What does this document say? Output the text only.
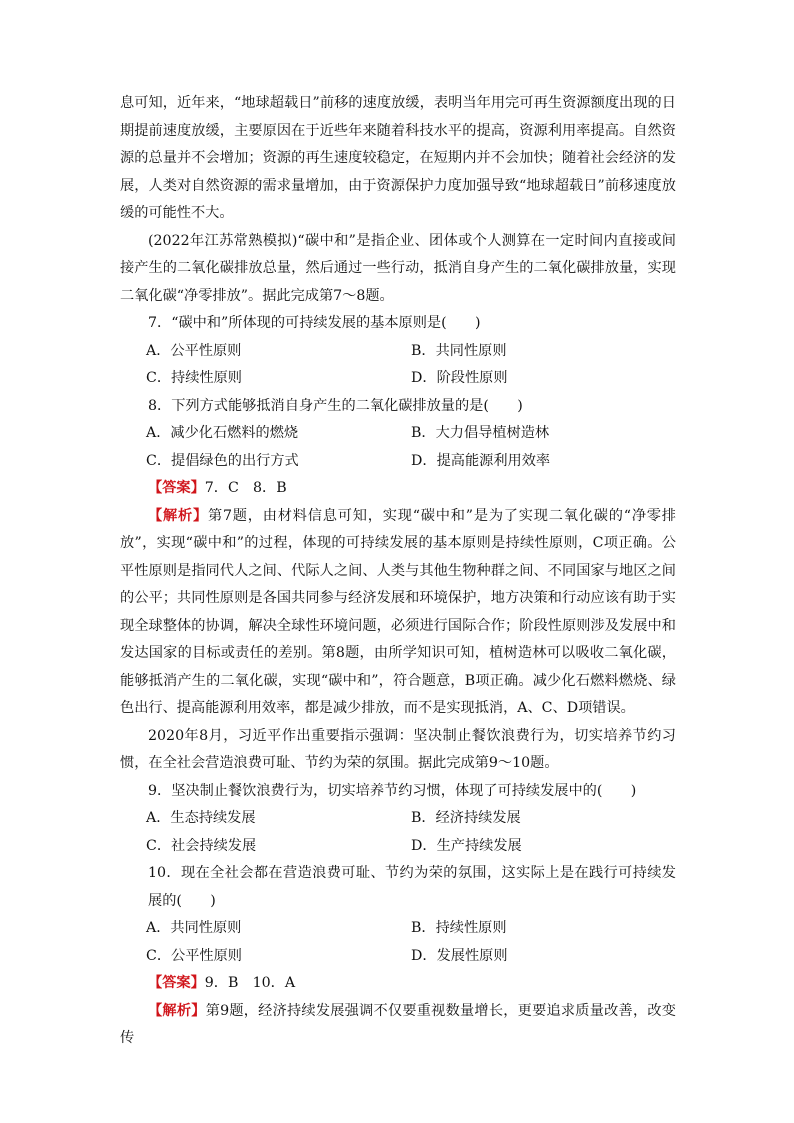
息可知，近年来，“地球超载日”前移的速度放缓，表明当年用完可再生资源额度出现的日期提前速度放缓，主要原因在于近些年来随着科技水平的提高，资源利用率提高。自然资源的总量并不会增加；资源的再生速度较稳定，在短期内并不会加快；随着社会经济的发展，人类对自然资源的需求量增加，由于资源保护力度加强导致“地球超载日”前移速度放缓的可能性不大。

(2022年江苏常熟模拟)“碳中和”是指企业、团体或个人测算在一定时间内直接或间接产生的二氧化碳排放总量，然后通过一些行动，抵消自身产生的二氧化碳排放量，实现二氧化碳“净零排放”。据此完成第7～8题。

7．“碳中和”所体现的可持续发展的基本原则是(　　)

A．公平性原则	B．共同性原则
C．持续性原则	D．阶段性原则

8．下列方式能够抵消自身产生的二氧化碳排放量的是(　　)

A．减少化石燃料的燃烧	B．大力倡导植树造林
C．提倡绿色的出行方式	D．提高能源利用效率

【答案】7．C　8．B

【解析】第7题，由材料信息可知，实现“碳中和”是为了实现二氧化碳的“净零排放”，实现“碳中和”的过程，体现的可持续发展的基本原则是持续性原则，C项正确。公平性原则是指同代人之间、代际人之间、人类与其他生物种群之间、不同国家与地区之间的公平；共同性原则是各国共同参与经济发展和环境保护，地方决策和行动应该有助于实现全球整体的协调，解决全球性环境问题，必须进行国际合作；阶段性原则涉及发展中和发达国家的目标或责任的差别。第8题，由所学知识可知，植树造林可以吸收二氧化碳，能够抵消产生的二氧化碳，实现“碳中和”，符合题意，B项正确。减少化石燃料燃烧、绿色出行、提高能源利用效率，都是减少排放，而不是实现抵消，A、C、D项错误。

2020年8月，习近平作出重要指示强调：坚决制止餐饮浪费行为，切实培养节约习惯，在全社会营造浪费可耻、节约为荣的氛围。据此完成第9～10题。

9．坚决制止餐饮浪费行为，切实培养节约习惯，体现了可持续发展中的(　　)

A．生态持续发展	B．经济持续发展
C．社会持续发展	D．生产持续发展

10．现在全社会都在营造浪费可耻、节约为荣的氛围，这实际上是在践行可持续发展的(　　)

A．共同性原则	B．持续性原则
C．公平性原则	D．发展性原则

【答案】9．B　10．A

【解析】第9题，经济持续发展强调不仅要重视数量增长，更要追求质量改善，改变传
